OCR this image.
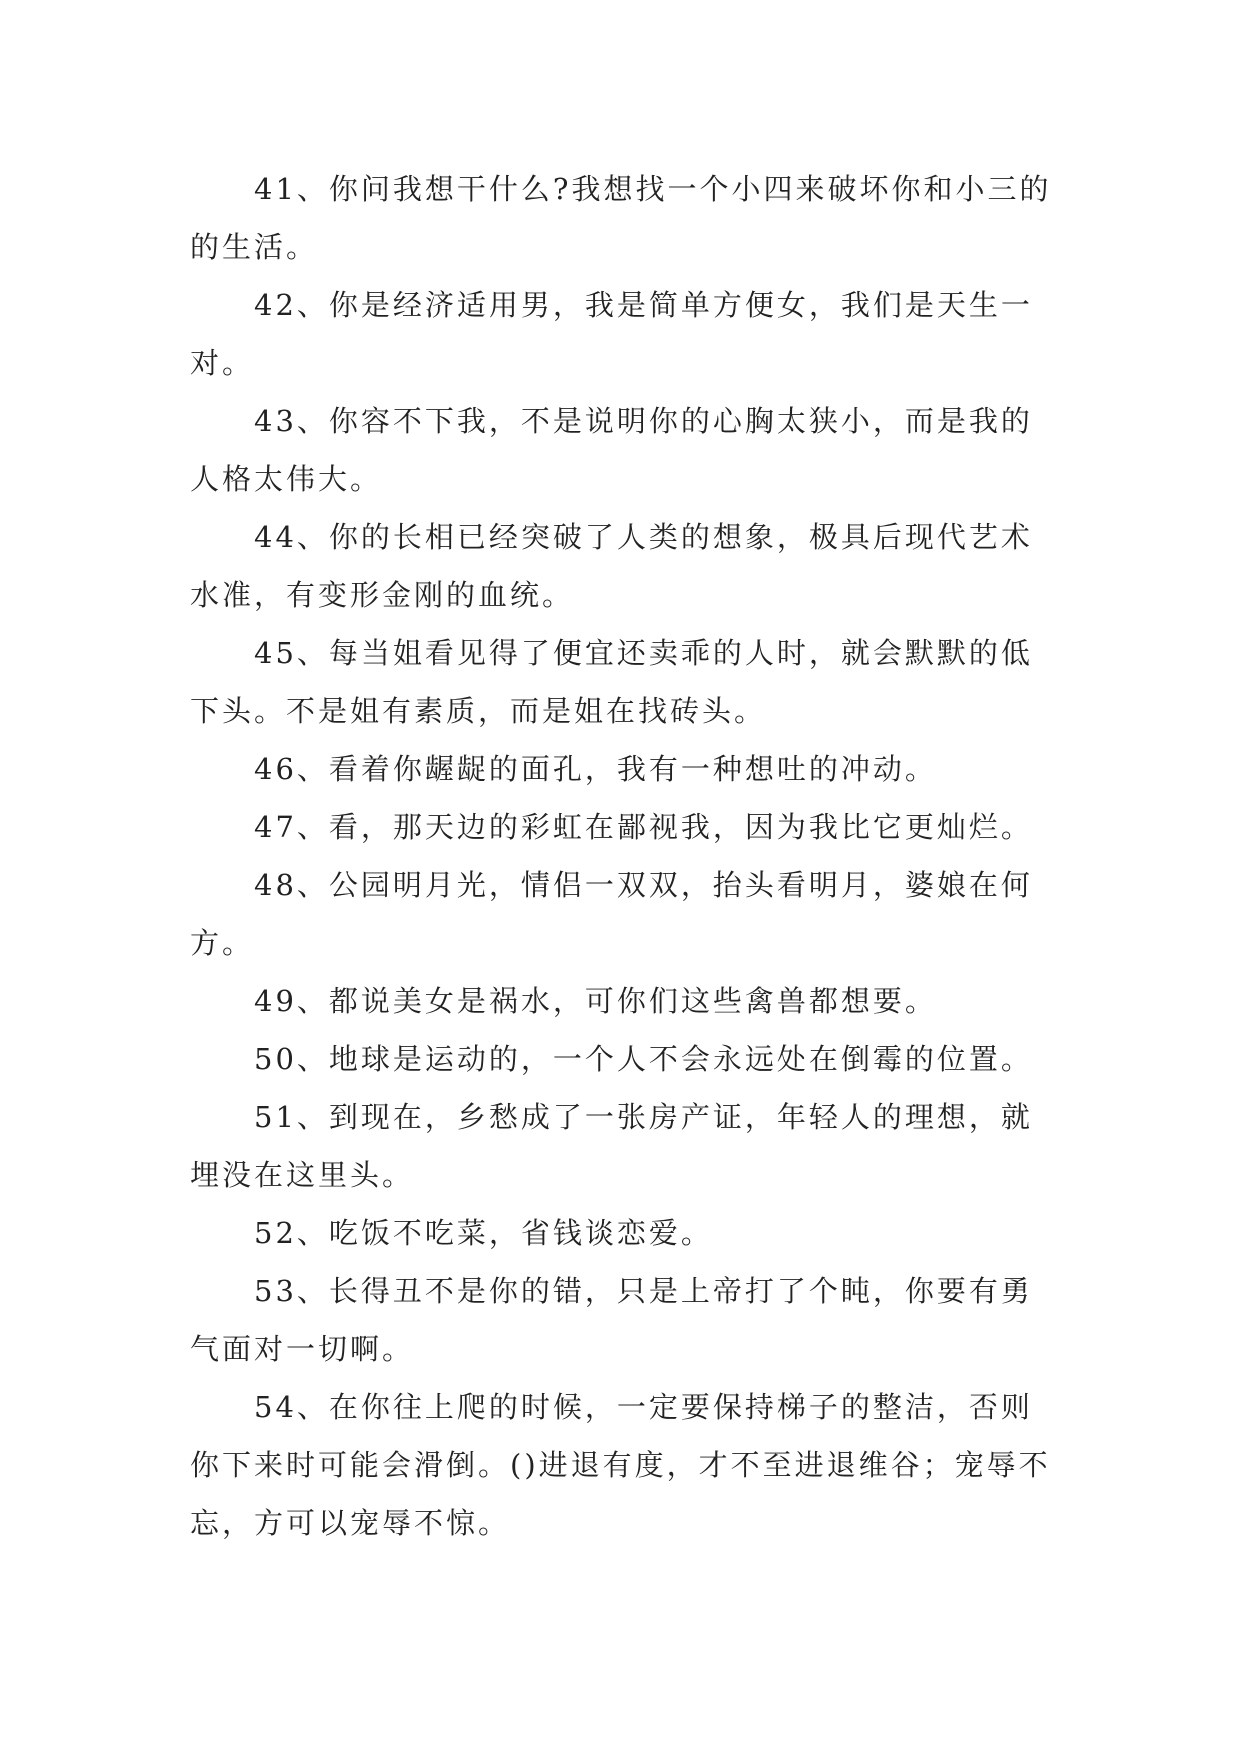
41、你问我想干什么?我想找一个小四来破坏你和小三的的生活。

42、你是经济适用男，我是简单方便女，我们是天生一对。

43、你容不下我，不是说明你的心胸太狭小，而是我的人格太伟大。

44、你的长相已经突破了人类的想象，极具后现代艺术水准，有变形金刚的血统。

45、每当姐看见得了便宜还卖乖的人时，就会默默的低下头。不是姐有素质，而是姐在找砖头。

46、看着你龌龊的面孔，我有一种想吐的冲动。

47、看，那天边的彩虹在鄙视我，因为我比它更灿烂。

48、公园明月光，情侣一双双，抬头看明月，婆娘在何方。

49、都说美女是祸水，可你们这些禽兽都想要。

50、地球是运动的，一个人不会永远处在倒霉的位置。

51、到现在，乡愁成了一张房产证，年轻人的理想，就埋没在这里头。

52、吃饭不吃菜，省钱谈恋爱。

53、长得丑不是你的错，只是上帝打了个盹，你要有勇气面对一切啊。

54、在你往上爬的时候，一定要保持梯子的整洁，否则你下来时可能会滑倒。()进退有度，才不至进退维谷；宠辱不忘，方可以宠辱不惊。
